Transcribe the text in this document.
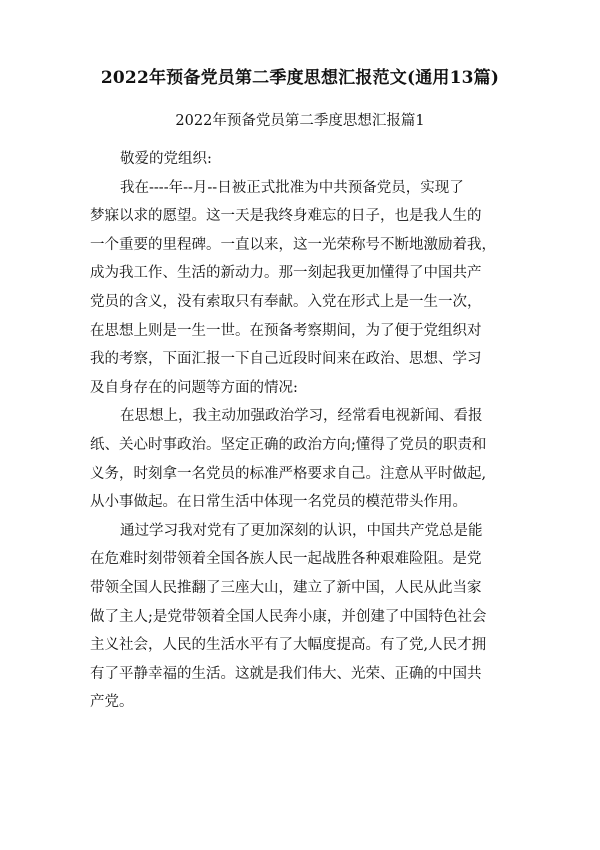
2022年预备党员第二季度思想汇报范文(通用13篇)
2022年预备党员第二季度思想汇报篇1
敬爱的党组织:
我在----年--月--日被正式批准为中共预备党员，实现了
梦寐以求的愿望。这一天是我终身难忘的日子，也是我人生的
一个重要的里程碑。一直以来，这一光荣称号不断地激励着我，
成为我工作、生活的新动力。那一刻起我更加懂得了中国共产
党员的含义，没有索取只有奉献。入党在形式上是一生一次，
在思想上则是一生一世。在预备考察期间，为了便于党组织对
我的考察，下面汇报一下自己近段时间来在政治、思想、学习
及自身存在的问题等方面的情况:
在思想上，我主动加强政治学习，经常看电视新闻、看报
纸、关心时事政治。坚定正确的政治方向;懂得了党员的职责和
义务，时刻拿一名党员的标准严格要求自己。注意从平时做起,
从小事做起。在日常生活中体现一名党员的模范带头作用。
通过学习我对党有了更加深刻的认识，中国共产党总是能
在危难时刻带领着全国各族人民一起战胜各种艰难险阻。是党
带领全国人民推翻了三座大山，建立了新中国，人民从此当家
做了主人;是党带领着全国人民奔小康，并创建了中国特色社会
主义社会，人民的生活水平有了大幅度提高。有了党,人民才拥
有了平静幸福的生活。这就是我们伟大、光荣、正确的中国共
产党。
